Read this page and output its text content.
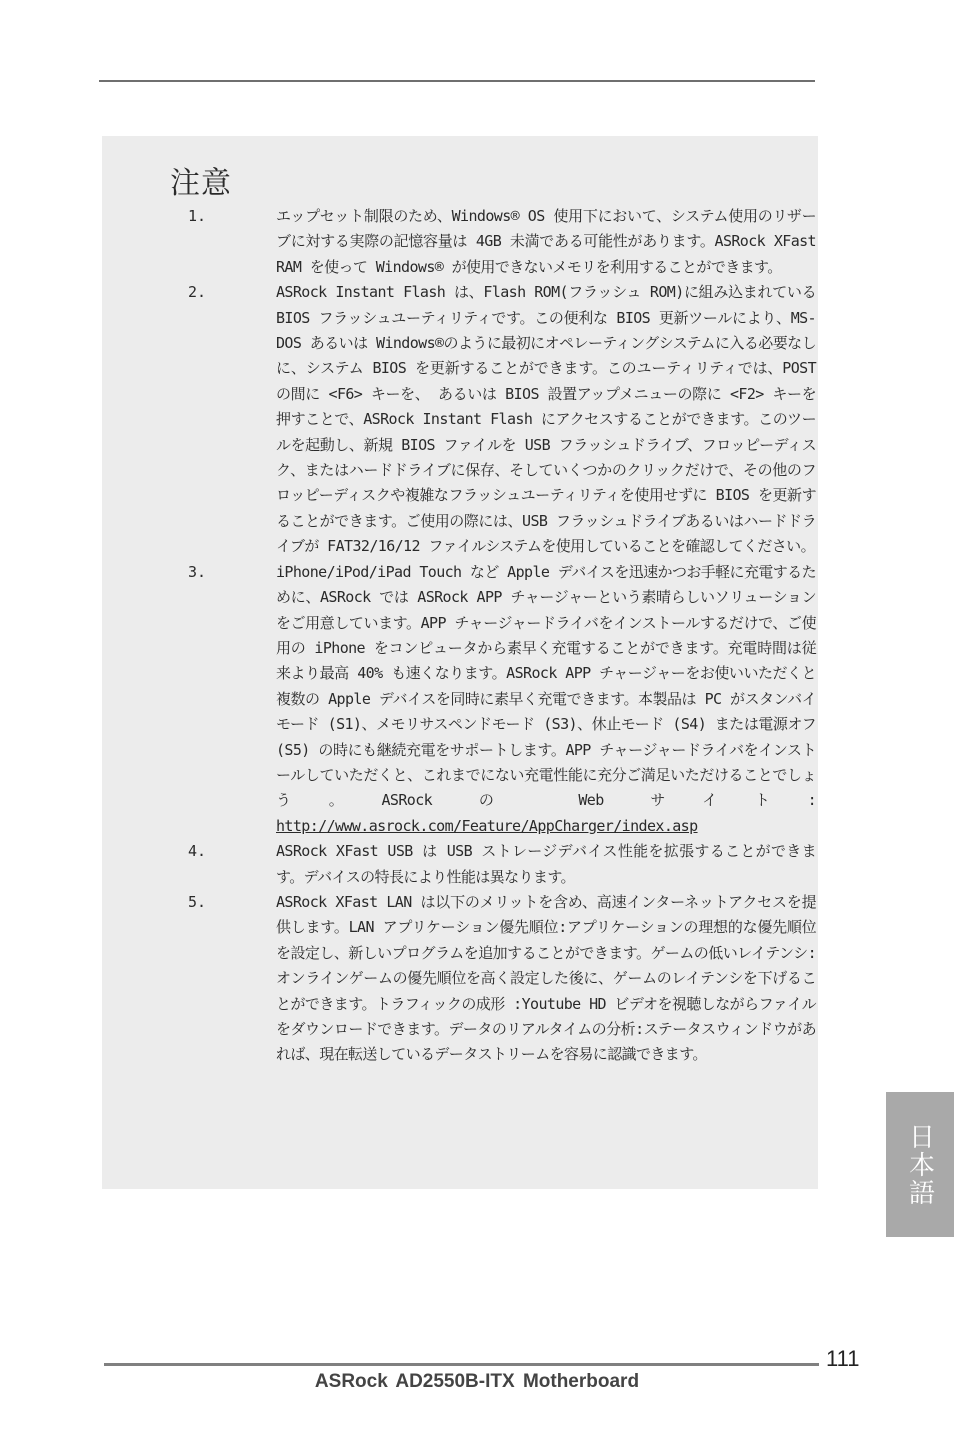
注意
1.	エップセット制限のため、Windows® OS 使用下において、システム使用のリザーブに対する実際の記憶容量は 4GB 未満である可能性があります。ASRock XFast RAM を使って Windows® が使用できないメモリを利用することができます。
2.	ASRock Instant Flash は、Flash ROM(フラッシュ ROM)に組み込まれている BIOS フラッシュユーティリティです。この便利な BIOS 更新ツールにより、MS-DOS あるいは Windows®のように最初にオペレーティングシステムに入る必要なしに、システム BIOS を更新することができます。このユーティリティでは、POST の間に <F6> キーを、 あるいは BIOS 設置アップメニューの際に <F2> キーを押すことで、ASRock Instant Flash にアクセスすることができます。このツールを起動し、新規 BIOS ファイルを USB フラッシュドライブ、フロッピーディスク、またはハードドライブに保存、そしていくつかのクリックだけで、その他のフロッピーディスクや複雑なフラッシュユーティリティを使用せずに BIOS を更新することができます。ご使用の際には、USB フラッシュドライブあるいはハードドライブが FAT32/16/12 ファイルシステムを使用していることを確認してください。
3.	iPhone/iPod/iPad Touch など Apple デバイスを迅速かつお手軽に充電するために、ASRock では ASRock APP チャージャーという素晴らしいソリューションをご用意しています。APP チャージャードライバをインストールするだけで、ご使用の iPhone をコンピュータから素早く充電することができます。充電時間は従来より最高 40% も速くなります。ASRock APP チャージャーをお使いいただくと複数の Apple デバイスを同時に素早く充電できます。本製品は PC がスタンバイモード (S1)、メモリサスペンドモード (S3)、休止モード (S4) または電源オフ (S5) の時にも継続充電をサポートします。APP チャージャードライバをインストールしていただくと、これまでにない充電性能に充分ご満足いただけることでしょう。ASRock の Web サイト: http://www.asrock.com/Feature/AppCharger/index.asp
4.	ASRock XFast USB は USB ストレージデバイス性能を拡張することができます。デバイスの特長により性能は異なります。
5.	ASRock XFast LAN は以下のメリットを含め、高速インターネットアクセスを提供します。LAN アプリケーション優先順位:アプリケーションの理想的な優先順位を設定し、新しいプログラムを追加することができます。ゲームの低いレイテンシ:オンラインゲームの優先順位を高く設定した後に、ゲームのレイテンシを下げることができます。トラフィックの成形 :Youtube HD ビデオを視聴しながらファイルをダウンロードできます。データのリアルタイムの分析:ステータスウィンドウがあれば、現在転送しているデータストリームを容易に認識できます。
日本語
111
ASRock AD2550B-ITX Motherboard
